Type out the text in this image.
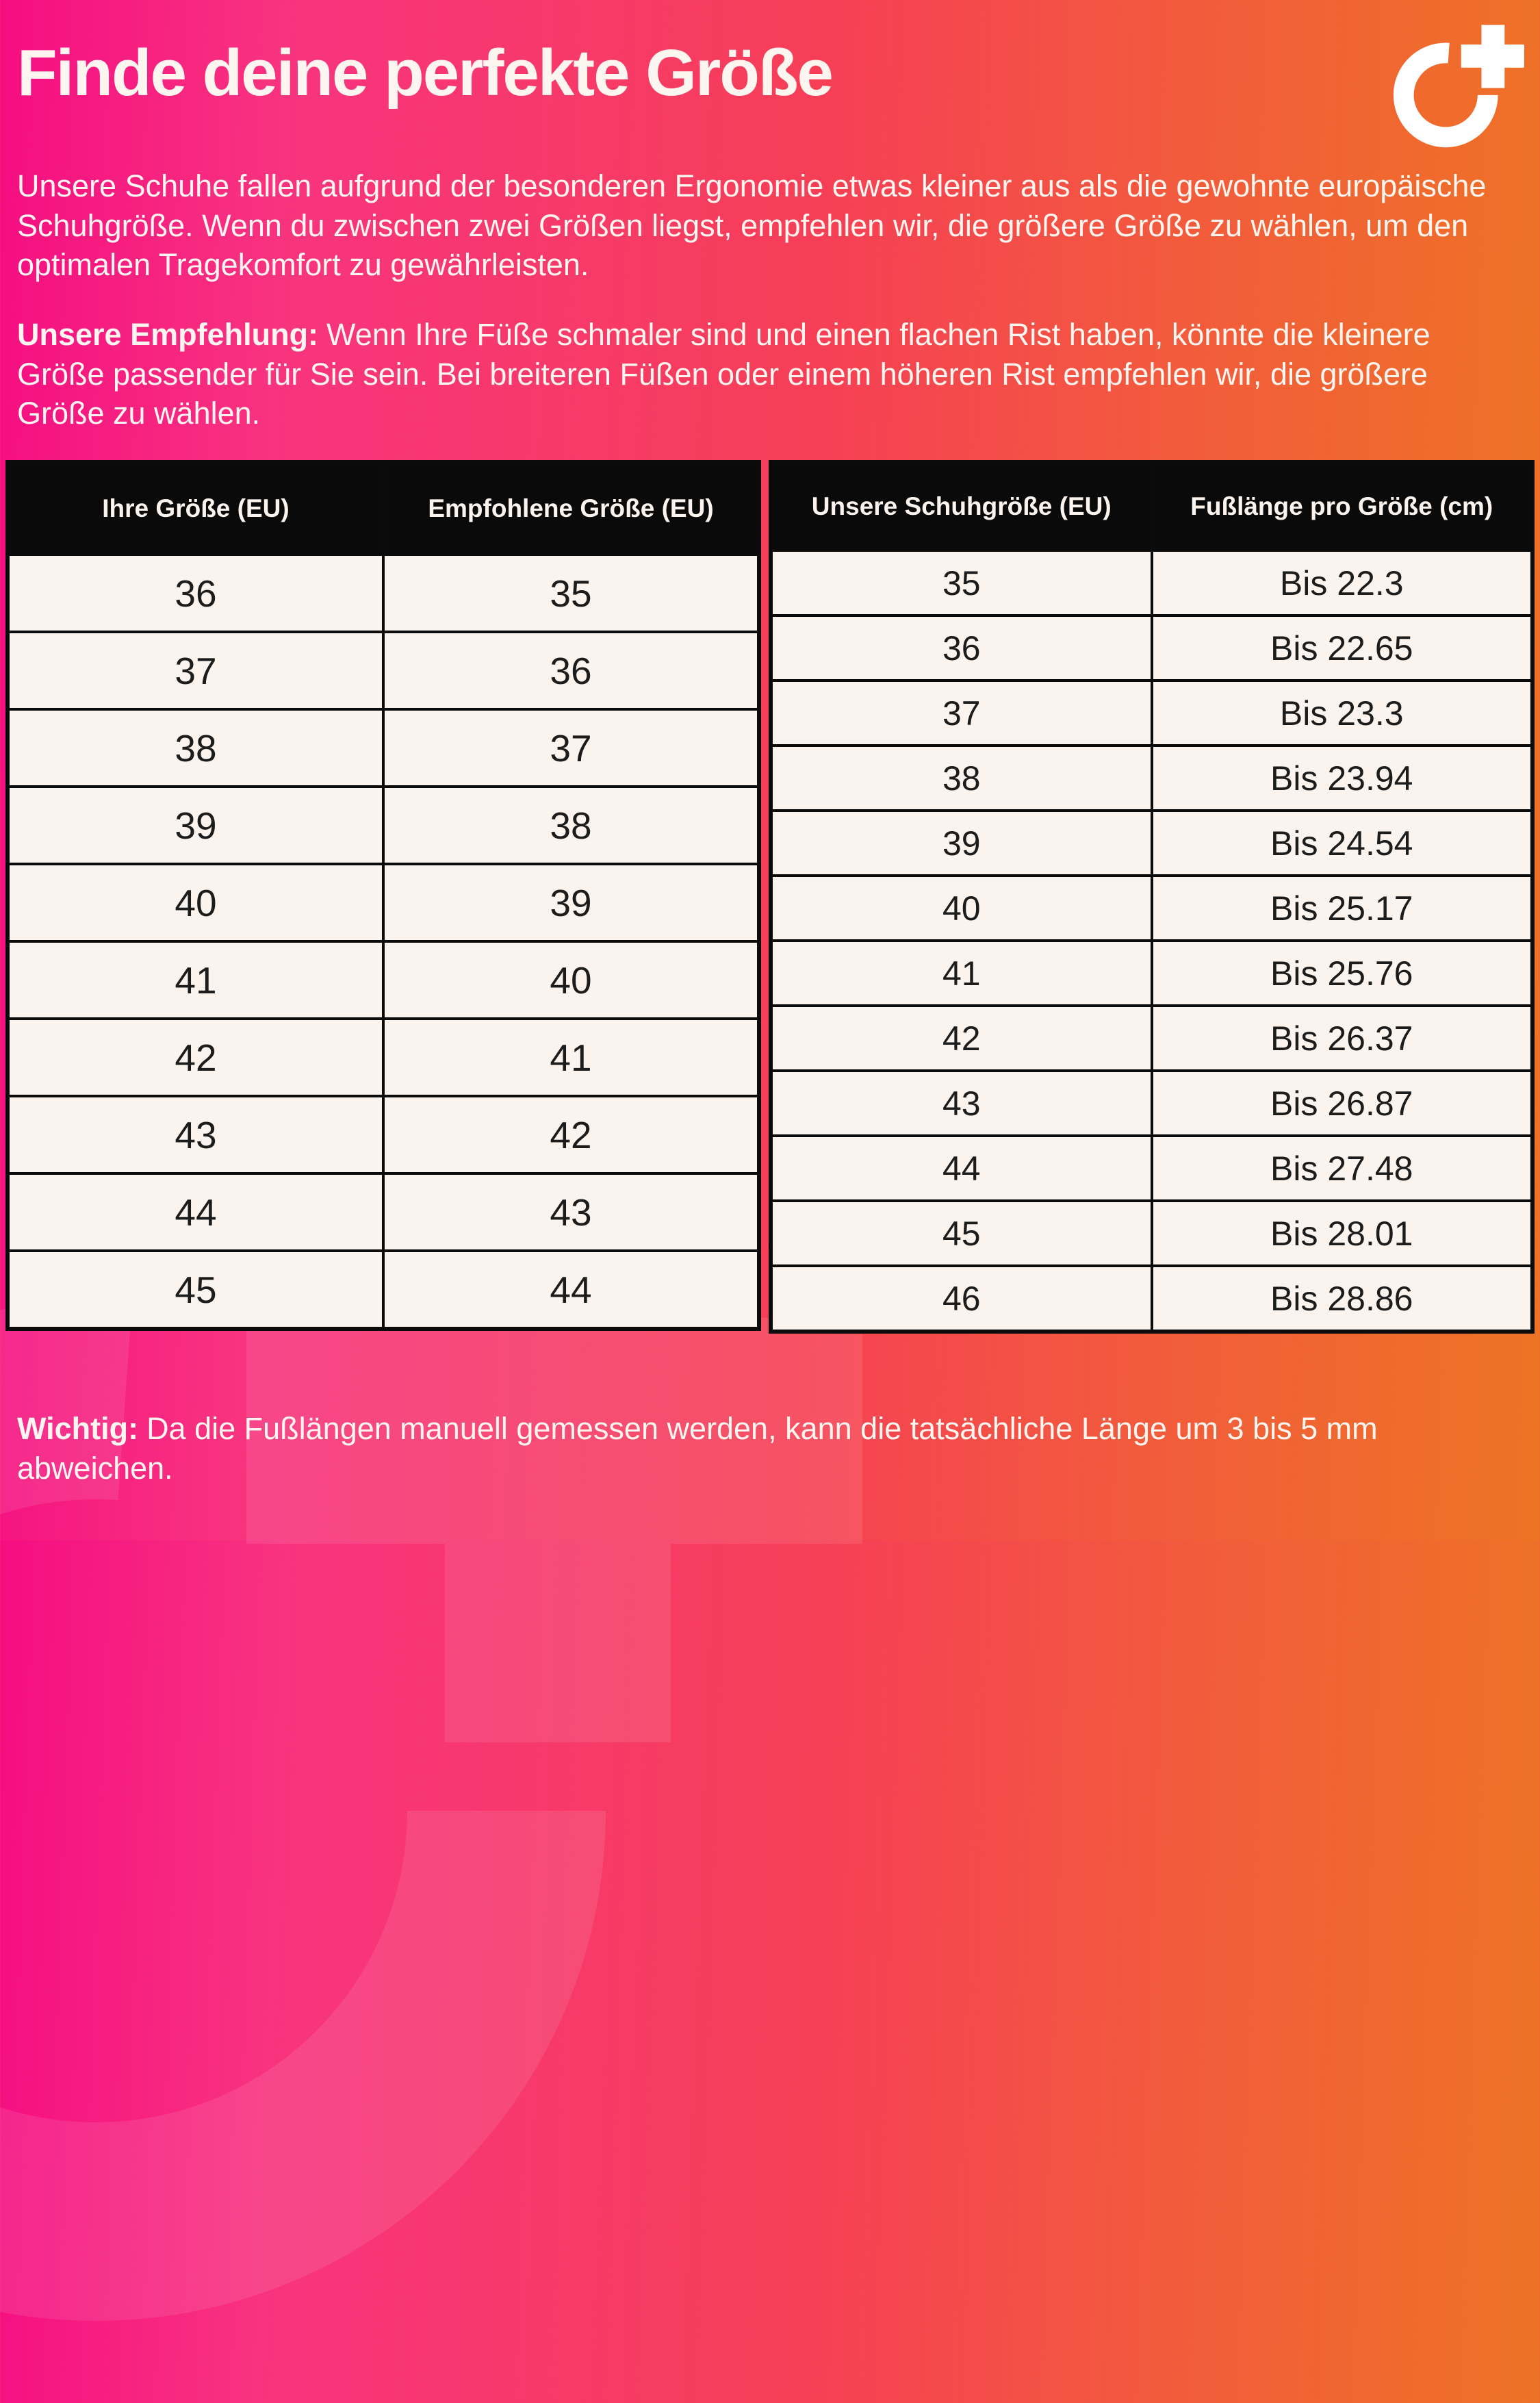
Finde deine perfekte Größe
Unsere Schuhe fallen aufgrund der besonderen Ergonomie etwas kleiner aus als die gewohnte europäische Schuhgröße. Wenn du zwischen zwei Größen liegst, empfehlen wir, die größere Größe zu wählen, um den optimalen Tragekomfort zu gewährleisten.
Unsere Empfehlung: Wenn Ihre Füße schmaler sind und einen flachen Rist haben, könnte die kleinere Größe passender für Sie sein. Bei breiteren Füßen oder einem höheren Rist empfehlen wir, die größere Größe zu wählen.
Ihre Größe (EU)	Empfohlene Größe (EU)
36	35
37	36
38	37
39	38
40	39
41	40
42	41
43	42
44	43
45	44
Unsere Schuhgröße (EU)	Fußlänge pro Größe (cm)
35	Bis 22.3
36	Bis 22.65
37	Bis 23.3
38	Bis 23.94
39	Bis 24.54
40	Bis 25.17
41	Bis 25.76
42	Bis 26.37
43	Bis 26.87
44	Bis 27.48
45	Bis 28.01
46	Bis 28.86
Wichtig: Da die Fußlängen manuell gemessen werden, kann die tatsächliche Länge um 3 bis 5 mm abweichen.
